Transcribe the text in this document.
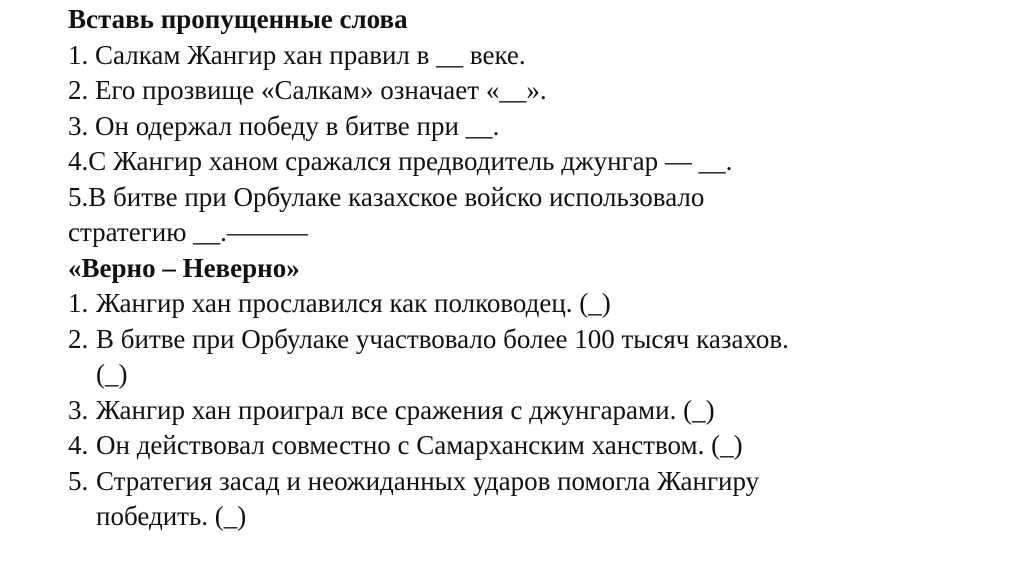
Вставь пропущенные слова
1. Салкам Жангир хан правил в __ веке.
2. Его прозвище «Салкам» означает «__».
3. Он одержал победу в битве при __.
4.С Жангир ханом сражался предводитель джунгар — __.
5.В битве при Орбулаке казахское войско использовало
стратегию __.———
«Верно – Неверно»
1. Жангир хан прославился как полководец. (_)
2. В битве при Орбулаке участвовало более 100 тысяч казахов.
(_)
3. Жангир хан проиграл все сражения с джунгарами. (_)
4. Он действовал совместно с Самарханским ханством. (_)
5. Стратегия засад и неожиданных ударов помогла Жангиру
победить. (_)
